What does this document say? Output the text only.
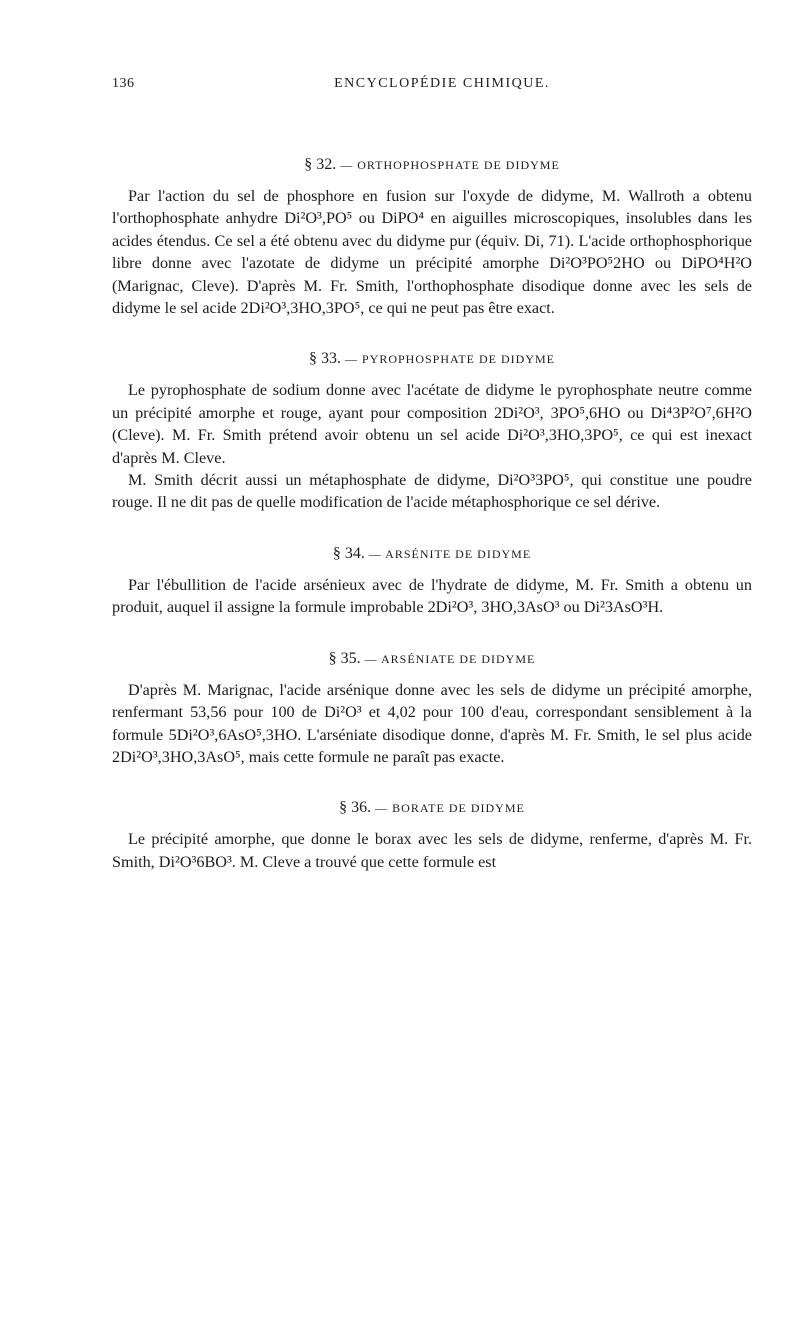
136	ENCYCLOPÉDIE CHIMIQUE.
§ 32. — ORTHOPHOSPHATE DE DIDYME

Par l'action du sel de phosphore en fusion sur l'oxyde de didyme, M. Wallroth a obtenu l'orthophosphate anhydre Di²O³,PO⁵ ou DiPO⁴ en aiguilles microscopiques, insolubles dans les acides étendus. Ce sel a été obtenu avec du didyme pur (équiv. Di, 71). L'acide orthophosphorique libre donne avec l'azotate de didyme un précipité amorphe Di²O³PO⁵2HO ou DiPO⁴H²O (Marignac, Cleve). D'après M. Fr. Smith, l'orthophosphate disodique donne avec les sels de didyme le sel acide 2Di²O³,3HO,3PO⁵, ce qui ne peut pas être exact.

§ 33. — PYROPHOSPHATE DE DIDYME

Le pyrophosphate de sodium donne avec l'acétate de didyme le pyrophosphate neutre comme un précipité amorphe et rouge, ayant pour composition 2Di²O³, 3PO⁵,6HO ou Di⁴3P²O⁷,6H²O (Cleve). M. Fr. Smith prétend avoir obtenu un sel acide Di²O³,3HO,3PO⁵, ce qui est inexact d'après M. Cleve.

M. Smith décrit aussi un métaphosphate de didyme, Di²O³3PO⁵, qui constitue une poudre rouge. Il ne dit pas de quelle modification de l'acide métaphosphorique ce sel dérive.

§ 34. — ARSÉNITE DE DIDYME

Par l'ébullition de l'acide arsénieux avec de l'hydrate de didyme, M. Fr. Smith a obtenu un produit, auquel il assigne la formule improbable 2Di²O³, 3HO,3AsO³ ou Di²3AsO³H.

§ 35. — ARSÉNIATE DE DIDYME

D'après M. Marignac, l'acide arsénique donne avec les sels de didyme un précipité amorphe, renfermant 53,56 pour 100 de Di²O³ et 4,02 pour 100 d'eau, correspondant sensiblement à la formule 5Di²O³,6AsO⁵,3HO. L'arséniate disodique donne, d'après M. Fr. Smith, le sel plus acide 2Di²O³,3HO,3AsO⁵, mais cette formule ne paraît pas exacte.

§ 36. — BORATE DE DIDYME

Le précipité amorphe, que donne le borax avec les sels de didyme, renferme, d'après M. Fr. Smith, Di²O³6BO³. M. Cleve a trouvé que cette formule est
